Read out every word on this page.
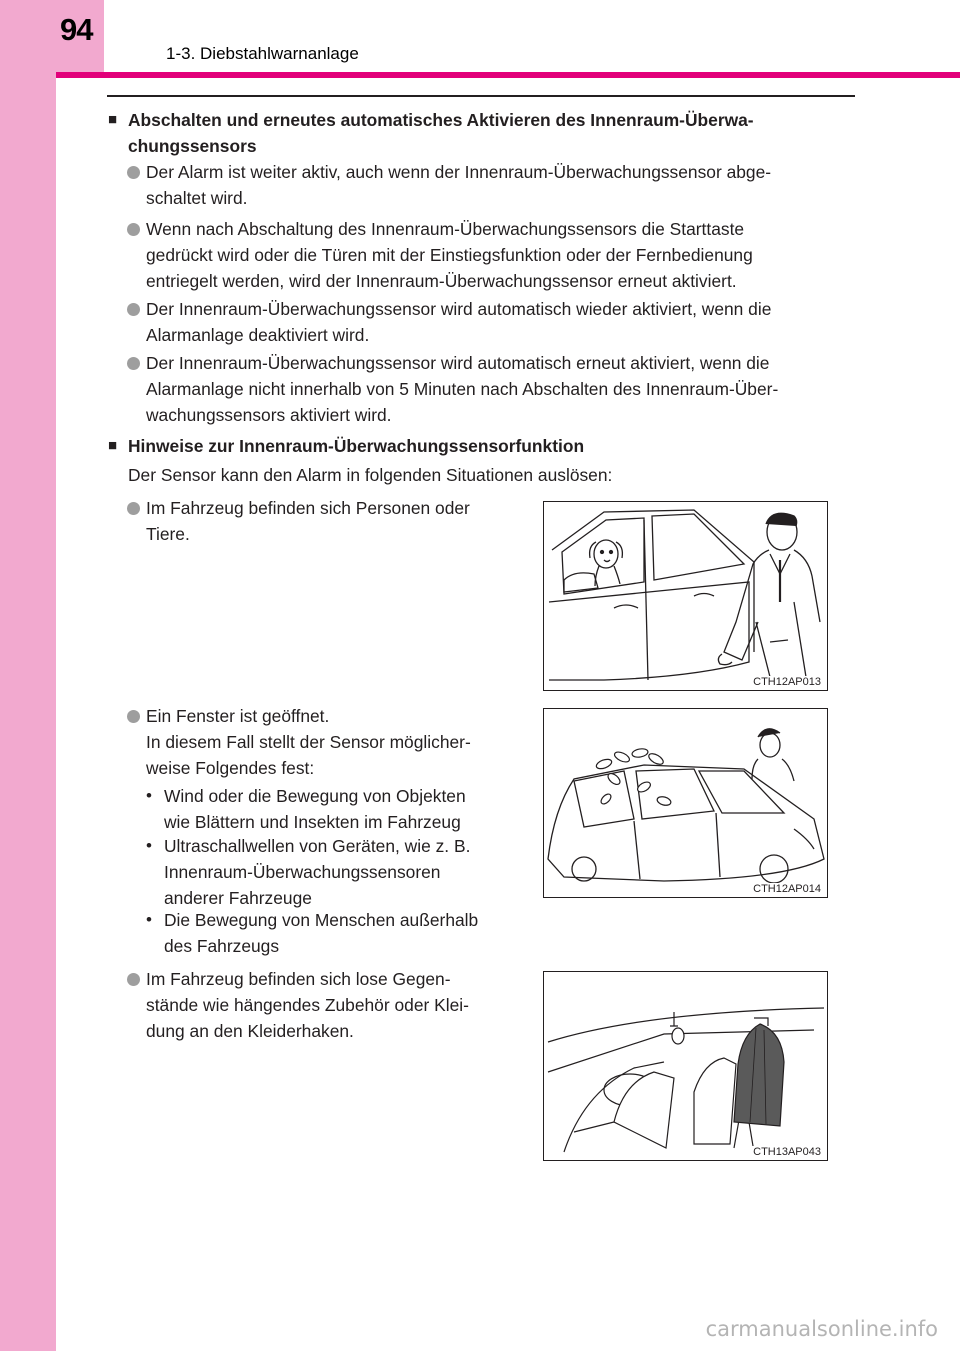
94
1-3. Diebstahlwarnanlage
■ Abschalten und erneutes automatisches Aktivieren des Innenraum-Überwa-
chungssensors
Der Alarm ist weiter aktiv, auch wenn der Innenraum-Überwachungssensor abge-
schaltet wird.
Wenn nach Abschaltung des Innenraum-Überwachungssensors die Starttaste
gedrückt wird oder die Türen mit der Einstiegsfunktion oder der Fernbedienung
entriegelt werden, wird der Innenraum-Überwachungssensor erneut aktiviert.
Der Innenraum-Überwachungssensor wird automatisch wieder aktiviert, wenn die
Alarmanlage deaktiviert wird.
Der Innenraum-Überwachungssensor wird automatisch erneut aktiviert, wenn die
Alarmanlage nicht innerhalb von 5 Minuten nach Abschalten des Innenraum-Über-
wachungssensors aktiviert wird.
■ Hinweise zur Innenraum-Überwachungssensorfunktion
Der Sensor kann den Alarm in folgenden Situationen auslösen:
Im Fahrzeug befinden sich Personen oder
Tiere.
Ein Fenster ist geöffnet.
In diesem Fall stellt der Sensor möglicher-
weise Folgendes fest:
• Wind oder die Bewegung von Objekten
wie Blättern und Insekten im Fahrzeug
• Ultraschallwellen von Geräten, wie z. B.
Innenraum-Überwachungssensoren
anderer Fahrzeuge
• Die Bewegung von Menschen außerhalb
des Fahrzeugs
Im Fahrzeug befinden sich lose Gegen-
stände wie hängendes Zubehör oder Klei-
dung an den Kleiderhaken.
CTH12AP013
CTH12AP014
CTH13AP043
carmanualsonline.info
